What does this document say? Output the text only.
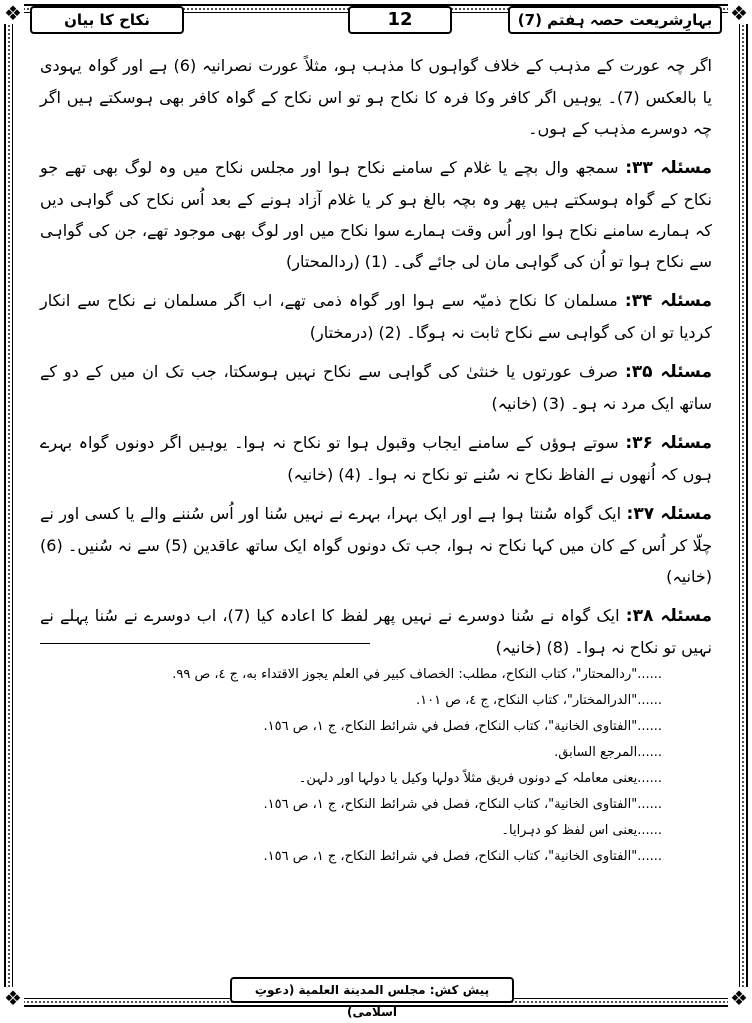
❖	❖
❖	❖
بہارِشریعت حصہ ہفتم (7)
12
نکاح کا بیان

اگر چہ عورت کے مذہب کے خلاف گواہوں کا مذہب ہو، مثلاً عورت نصرانیہ (6) ہے اور گواہ یہودی یا بالعکس (7)۔ یوہیں اگر کافر وکا فرہ کا نکاح ہو تو اس نکاح کے گواہ کافر بھی ہوسکتے ہیں اگر چہ دوسرے مذہب کے ہوں۔

مسئلہ ۳۳: سمجھ وال بچے یا غلام کے سامنے نکاح ہوا اور مجلس نکاح میں وہ لوگ بھی تھے جو نکاح کے گواہ ہوسکتے ہیں پھر وہ بچہ بالغ ہو کر یا غلام آزاد ہونے کے بعد اُس نکاح کی گواہی دیں کہ ہمارے سامنے نکاح ہوا اور اُس وقت ہمارے سوا نکاح میں اور لوگ بھی موجود تھے، جن کی گواہی سے نکاح ہوا تو اُن کی گواہی مان لی جائے گی۔ (1) (ردالمحتار)

مسئلہ ۳۴: مسلمان کا نکاح ذمیّہ سے ہوا اور گواہ ذمی تھے، اب اگر مسلمان نے نکاح سے انکار کردیا تو ان کی گواہی سے نکاح ثابت نہ ہوگا۔ (2) (درمختار)

مسئلہ ۳۵: صرف عورتوں یا خنثیٰ کی گواہی سے نکاح نہیں ہوسکتا، جب تک ان میں کے دو کے ساتھ ایک مرد نہ ہو۔ (3) (خانیہ)

مسئلہ ۳۶: سوتے ہوؤں کے سامنے ایجاب وقبول ہوا تو نکاح نہ ہوا۔ یوہیں اگر دونوں گواہ بہرے ہوں کہ اُنھوں نے الفاظ نکاح نہ سُنے تو نکاح نہ ہوا۔ (4) (خانیہ)

مسئلہ ۳۷: ایک گواہ سُنتا ہوا ہے اور ایک بہرا، بہرے نے نہیں سُنا اور اُس سُننے والے یا کسی اور نے چلّا کر اُس کے کان میں کہا نکاح نہ ہوا، جب تک دونوں گواہ ایک ساتھ عاقدین (5) سے نہ سُنیں۔ (6) (خانیہ)

مسئلہ ۳۸: ایک گواہ نے سُنا دوسرے نے نہیں پھر لفظ کا اعادہ کیا (7)، اب دوسرے نے سُنا پہلے نے نہیں تو نکاح نہ ہوا۔ (8) (خانیہ)

......"ردالمحتار"، كتاب النكاح، مطلب: الخصاف كبير في العلم يجوز الاقتداء به، ج ٤، ص ٩٩.
......"الدرالمختار"، كتاب النكاح، ج ٤، ص ١٠١.
......"الفتاوى الخانية"، كتاب النكاح، فصل في شرائط النكاح، ج ١، ص ١٥٦.
......المرجع السابق.
......یعنی معاملہ کے دونوں فریق مثلاً دولہا وکیل یا دولہا اور دلہن۔
......"الفتاوى الخانية"، كتاب النكاح، فصل في شرائط النكاح، ج ١، ص ١٥٦.
......یعنی اس لفظ کو دہرایا۔
......"الفتاوى الخانية"، كتاب النكاح، فصل في شرائط النكاح، ج ١، ص ١٥٦.
پیش کش: مجلس المدينة العلمية (دعوتِ اسلامی)
